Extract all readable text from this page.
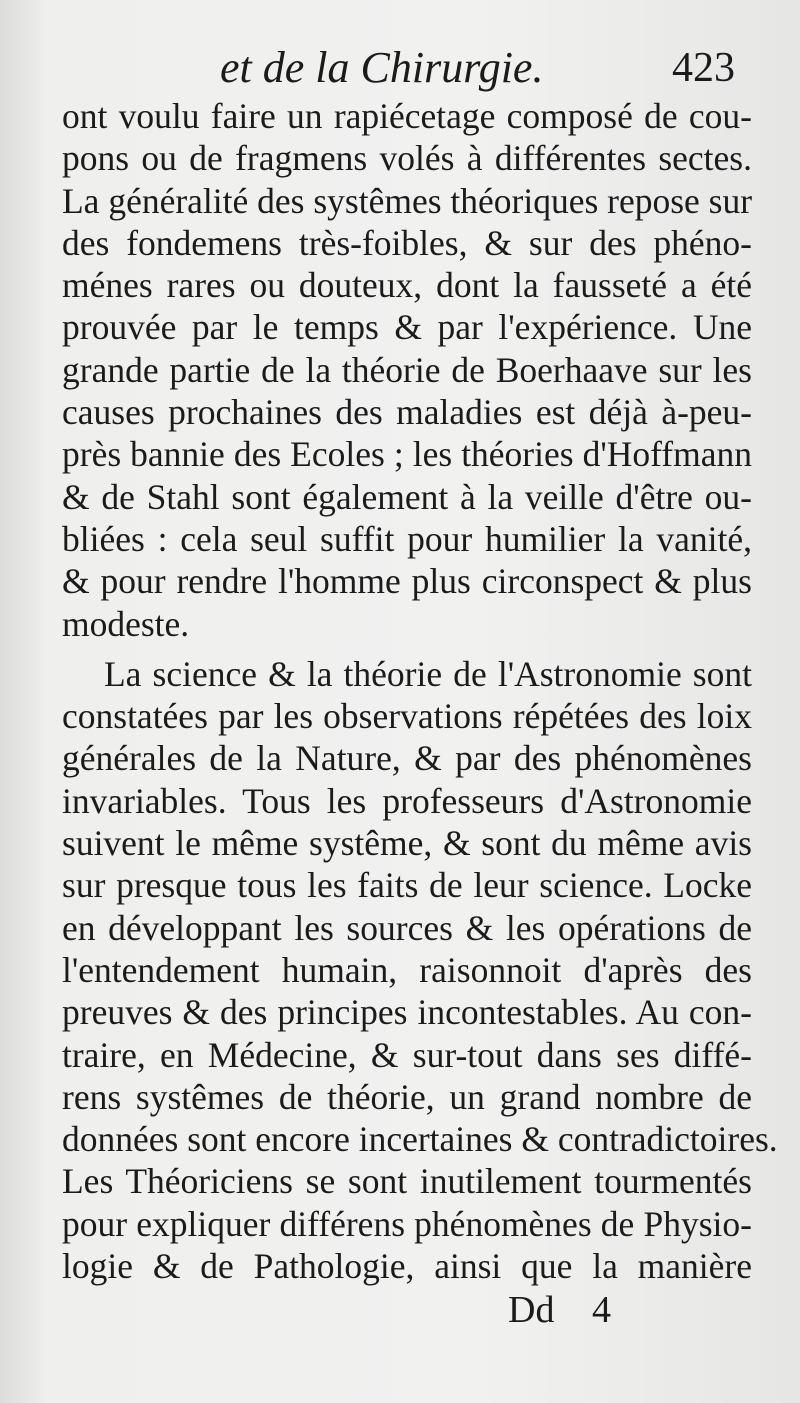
et de la Chirurgie.	423
ont voulu faire un rapiécetage composé de cou-
pons ou de fragmens volés à différentes sectes.
La généralité des systêmes théoriques repose sur
des fondemens très-foibles, & sur des phéno-
ménes rares ou douteux, dont la fausseté a été
prouvée par le temps & par l'expérience. Une
grande partie de la théorie de Boerhaave sur les
causes prochaines des maladies est déjà à-peu-
près bannie des Ecoles ; les théories d'Hoffmann
& de Stahl sont également à la veille d'être ou-
bliées : cela seul suffit pour humilier la vanité,
& pour rendre l'homme plus circonspect & plus
modeste.
La science & la théorie de l'Astronomie sont
constatées par les observations répétées des loix
générales de la Nature, & par des phénomènes
invariables. Tous les professeurs d'Astronomie
suivent le même systême, & sont du même avis
sur presque tous les faits de leur science. Locke
en développant les sources & les opérations de
l'entendement humain, raisonnoit d'après des
preuves & des principes incontestables. Au con-
traire, en Médecine, & sur-tout dans ses diffé-
rens systêmes de théorie, un grand nombre de
données sont encore incertaines & contradictoires.
Les Théoriciens se sont inutilement tourmentés
pour expliquer différens phénomènes de Physio-
logie & de Pathologie, ainsi que la manière
Dd 4
